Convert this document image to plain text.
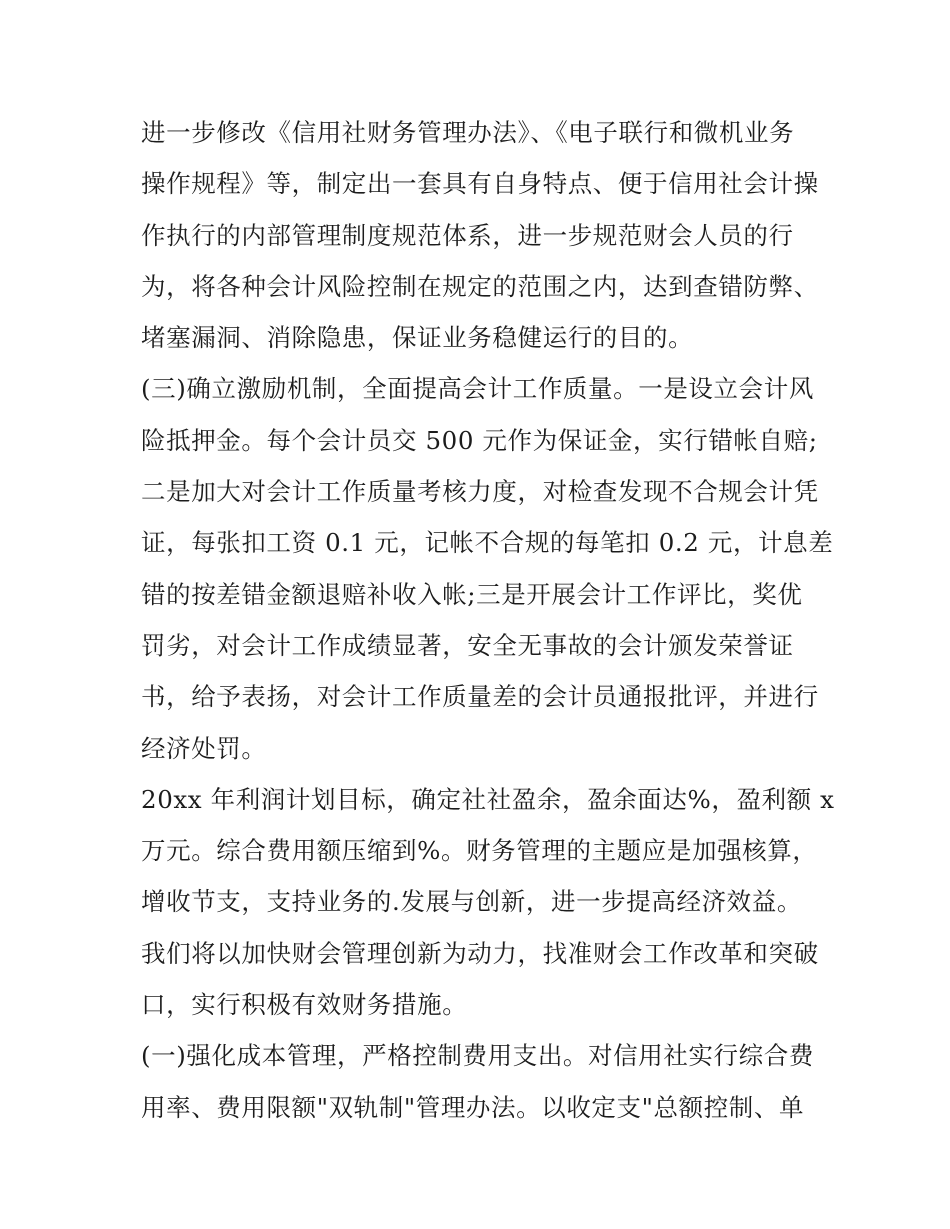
进一步修改《信用社财务管理办法》、《电子联行和微机业务
操作规程》等，制定出一套具有自身特点、便于信用社会计操
作执行的内部管理制度规范体系，进一步规范财会人员的行
为，将各种会计风险控制在规定的范围之内，达到查错防弊、
堵塞漏洞、消除隐患，保证业务稳健运行的目的。
(三)确立激励机制，全面提高会计工作质量。一是设立会计风
险抵押金。每个会计员交 500 元作为保证金，实行错帐自赔;
二是加大对会计工作质量考核力度，对检查发现不合规会计凭
证，每张扣工资 0.1 元，记帐不合规的每笔扣 0.2 元，计息差
错的按差错金额退赔补收入帐;三是开展会计工作评比，奖优
罚劣，对会计工作成绩显著，安全无事故的会计颁发荣誉证
书，给予表扬，对会计工作质量差的会计员通报批评，并进行
经济处罚。
20xx 年利润计划目标，确定社社盈余，盈余面达%，盈利额 x
万元。综合费用额压缩到%。财务管理的主题应是加强核算，
增收节支，支持业务的.发展与创新，进一步提高经济效益。
我们将以加快财会管理创新为动力，找准财会工作改革和突破
口，实行积极有效财务措施。
(一)强化成本管理，严格控制费用支出。对信用社实行综合费
用率、费用限额"双轨制"管理办法。以收定支"总额控制、单
